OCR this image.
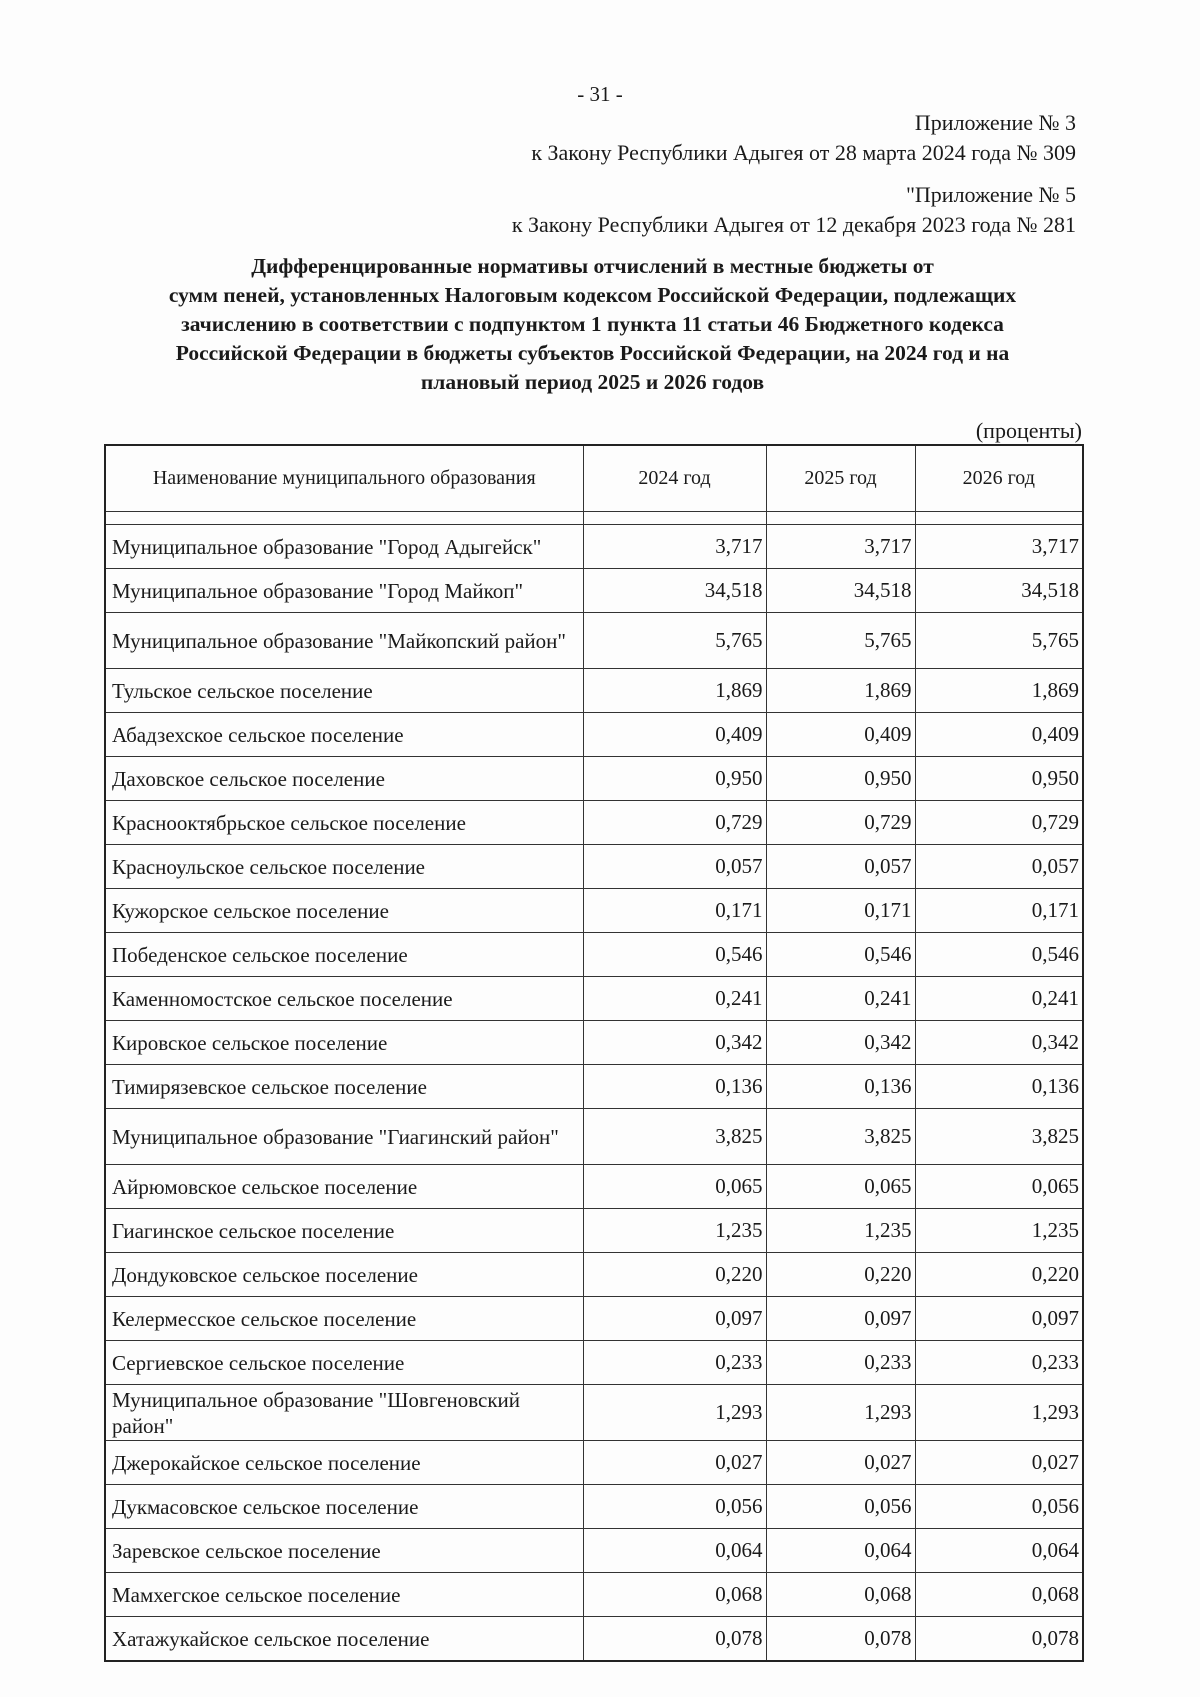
- 31 -
Приложение № 3
к Закону Республики Адыгея от 28 марта 2024 года № 309
"Приложение № 5
к Закону Республики Адыгея от 12 декабря 2023 года № 281
Дифференцированные нормативы отчислений в местные бюджеты от
сумм пеней, установленных Налоговым кодексом Российской Федерации, подлежащих
зачислению в соответствии с подпунктом 1 пункта 11 статьи 46 Бюджетного кодекса
Российской Федерации в бюджеты субъектов Российской Федерации, на 2024 год и на
плановый период 2025 и 2026 годов
(проценты)
Наименование муниципального образования	2024 год	2025 год	2026 год

Муниципальное образование "Город Адыгейск"	3,717	3,717	3,717
Муниципальное образование "Город Майкоп"	34,518	34,518	34,518
Муниципальное образование "Майкопский район"	5,765	5,765	5,765
Тульское сельское поселение	1,869	1,869	1,869
Абадзехское сельское поселение	0,409	0,409	0,409
Даховское сельское поселение	0,950	0,950	0,950
Краснооктябрьское сельское поселение	0,729	0,729	0,729
Красноульское сельское поселение	0,057	0,057	0,057
Кужорское сельское поселение	0,171	0,171	0,171
Победенское сельское поселение	0,546	0,546	0,546
Каменномостское сельское поселение	0,241	0,241	0,241
Кировское сельское поселение	0,342	0,342	0,342
Тимирязевское сельское поселение	0,136	0,136	0,136
Муниципальное образование "Гиагинский район"	3,825	3,825	3,825
Айрюмовское сельское поселение	0,065	0,065	0,065
Гиагинское сельское поселение	1,235	1,235	1,235
Дондуковское сельское поселение	0,220	0,220	0,220
Келермесское сельское поселение	0,097	0,097	0,097
Сергиевское сельское поселение	0,233	0,233	0,233
Муниципальное образование "Шовгеновский район"	1,293	1,293	1,293
Джерокайское сельское поселение	0,027	0,027	0,027
Дукмасовское сельское поселение	0,056	0,056	0,056
Заревское сельское поселение	0,064	0,064	0,064
Мамхегское сельское поселение	0,068	0,068	0,068
Хатажукайское сельское поселение	0,078	0,078	0,078
